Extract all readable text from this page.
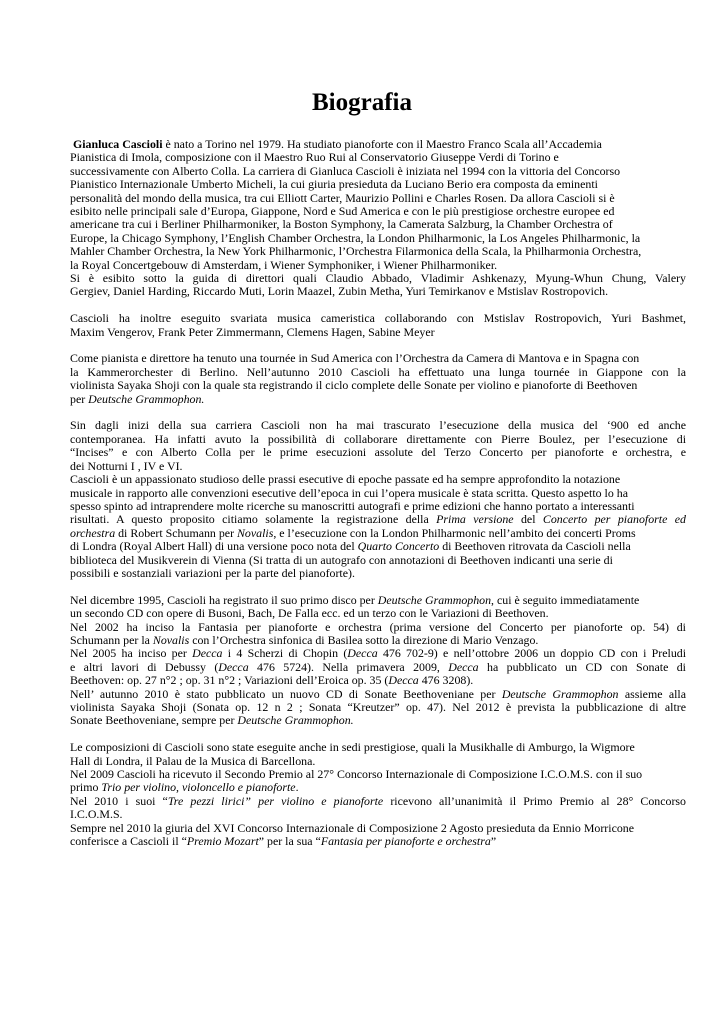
Biografia
Gianluca Cascioli è nato a Torino nel 1979. Ha studiato pianoforte con il Maestro Franco Scala all’Accademia
Pianistica di Imola, composizione con il Maestro Ruo Rui al Conservatorio Giuseppe Verdi di Torino e
successivamente con Alberto Colla. La carriera di Gianluca Cascioli è iniziata nel 1994 con la vittoria del Concorso
Pianistico Internazionale Umberto Micheli, la cui giuria presieduta da Luciano Berio era composta da eminenti
personalità del mondo della musica, tra cui Elliott Carter, Maurizio Pollini e Charles Rosen. Da allora Cascioli si è
esibito nelle principali sale d’Europa, Giappone, Nord e Sud America e con le più prestigiose orchestre europee ed
americane tra cui i Berliner Philharmoniker, la Boston Symphony, la Camerata Salzburg, la Chamber Orchestra of
Europe, la Chicago Symphony, l’English Chamber Orchestra, la London Philharmonic, la Los Angeles Philharmonic, la
Mahler Chamber Orchestra, la New York Philharmonic, l’Orchestra Filarmonica della Scala, la Philharmonia Orchestra,
la Royal Concertgebouw di Amsterdam, i Wiener Symphoniker, i Wiener Philharmoniker.
Si è esibito sotto la guida di direttori quali Claudio Abbado, Vladimir Ashkenazy, Myung-Whun Chung, Valery
Gergiev, Daniel Harding, Riccardo Muti, Lorin Maazel, Zubin Metha, Yuri Temirkanov e Mstislav Rostropovich.
Cascioli ha inoltre eseguito svariata musica cameristica collaborando con Mstislav Rostropovich, Yuri Bashmet,
Maxim Vengerov, Frank Peter Zimmermann, Clemens Hagen, Sabine Meyer
Come pianista e direttore ha tenuto una tournée in Sud America con l’Orchestra da Camera di Mantova e in Spagna con
la Kammerorchester di Berlino. Nell’autunno 2010 Cascioli ha effettuato una lunga tournée in Giappone con la
violinista Sayaka Shoji con la quale sta registrando il ciclo complete delle Sonate per violino e pianoforte di Beethoven
per Deutsche Grammophon.
Sin dagli inizi della sua carriera Cascioli non ha mai trascurato l’esecuzione della musica del ‘900 ed anche
contemporanea. Ha infatti avuto la possibilità di collaborare direttamente con Pierre Boulez, per l’esecuzione di
“Incises” e con Alberto Colla per le prime esecuzioni assolute del Terzo Concerto per pianoforte e orchestra, e
dei Notturni I , IV e VI.
Cascioli è un appassionato studioso delle prassi esecutive di epoche passate ed ha sempre approfondito la notazione
musicale in rapporto alle convenzioni esecutive dell’epoca in cui l’opera musicale è stata scritta. Questo aspetto lo ha
spesso spinto ad intraprendere molte ricerche su manoscritti autografi e prime edizioni che hanno portato a interessanti
risultati. A questo proposito citiamo solamente la registrazione della Prima versione del Concerto per pianoforte ed
orchestra di Robert Schumann per Novalis, e l’esecuzione con la London Philharmonic nell’ambito dei concerti Proms
di Londra (Royal Albert Hall) di una versione poco nota del Quarto Concerto di Beethoven ritrovata da Cascioli nella
biblioteca del Musikverein di Vienna (Si tratta di un autografo con annotazioni di Beethoven indicanti una serie di
possibili e sostanziali variazioni per la parte del pianoforte).
Nel dicembre 1995, Cascioli ha registrato il suo primo disco per Deutsche Grammophon, cui è seguito immediatamente
un secondo CD con opere di Busoni, Bach, De Falla ecc. ed un terzo con le Variazioni di Beethoven.
Nel 2002 ha inciso la Fantasia per pianoforte e orchestra (prima versione del Concerto per pianoforte op. 54) di
Schumann per la Novalis con l’Orchestra sinfonica di Basilea sotto la direzione di Mario Venzago.
Nel 2005 ha inciso per Decca i 4 Scherzi di Chopin (Decca 476 702-9) e nell’ottobre 2006 un doppio CD con i Preludi
e altri lavori di Debussy (Decca 476 5724). Nella primavera 2009, Decca ha pubblicato un CD con Sonate di
Beethoven: op. 27 n°2 ; op. 31 n°2 ; Variazioni dell’Eroica op. 35 (Decca 476 3208).
Nell’ autunno 2010 è stato pubblicato un nuovo CD di Sonate Beethoveniane per Deutsche Grammophon assieme alla
violinista Sayaka Shoji (Sonata op. 12 n 2 ; Sonata “Kreutzer” op. 47). Nel 2012 è prevista la pubblicazione di altre
Sonate Beethoveniane, sempre per Deutsche Grammophon.
Le composizioni di Cascioli sono state eseguite anche in sedi prestigiose, quali la Musikhalle di Amburgo, la Wigmore
Hall di Londra, il Palau de la Musica di Barcellona.
Nel 2009 Cascioli ha ricevuto il Secondo Premio al 27° Concorso Internazionale di Composizione I.C.O.M.S. con il suo
primo Trio per violino, violoncello e pianoforte.
Nel 2010 i suoi “Tre pezzi lirici” per violino e pianoforte ricevono all’unanimità il Primo Premio al 28° Concorso
I.C.O.M.S.
Sempre nel 2010 la giuria del XVI Concorso Internazionale di Composizione 2 Agosto presieduta da Ennio Morricone
conferisce a Cascioli il “Premio Mozart” per la sua “Fantasia per pianoforte e orchestra”
